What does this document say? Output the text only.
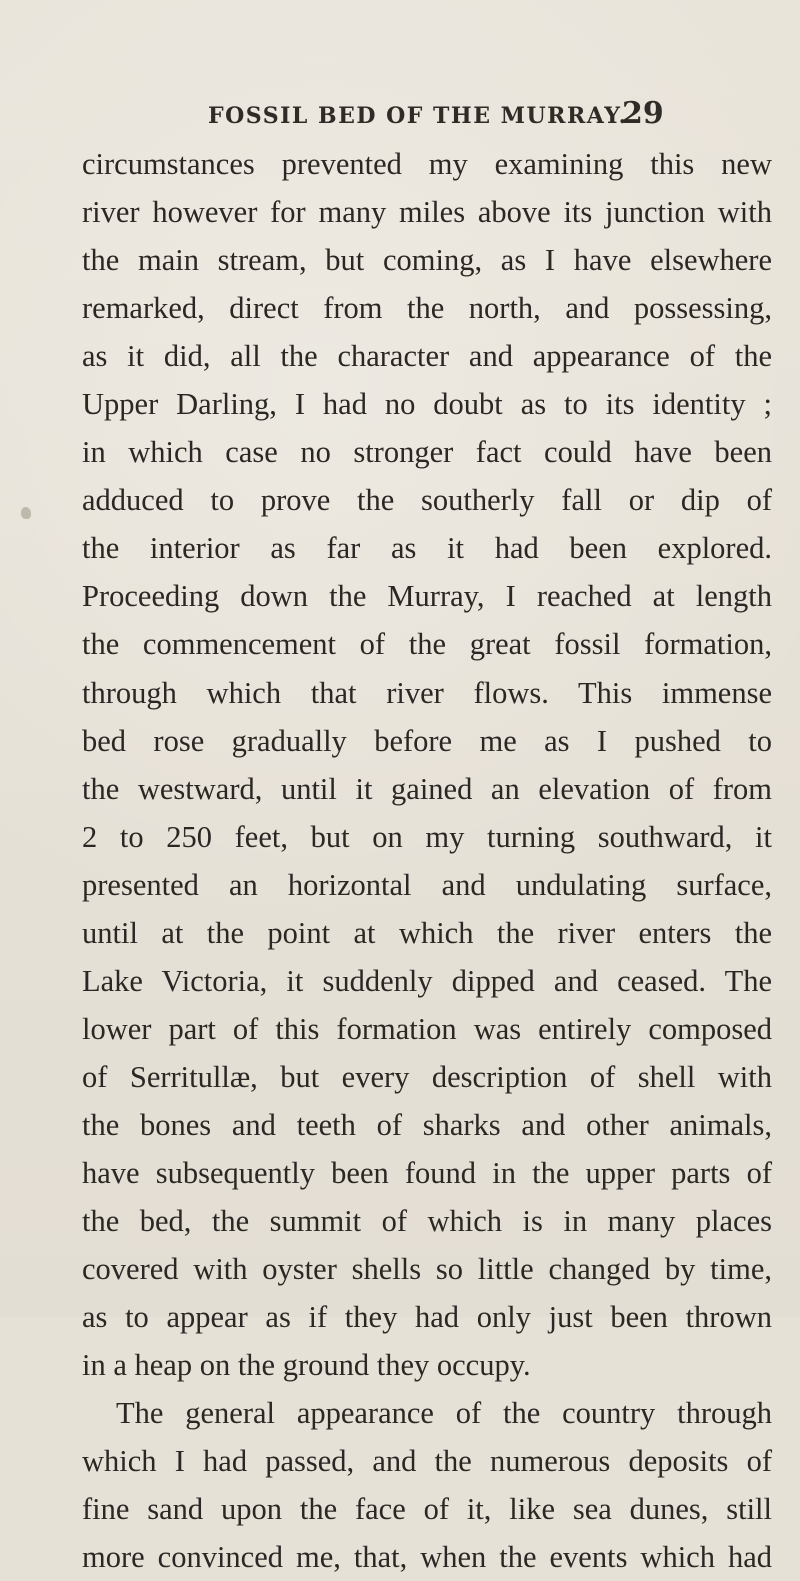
FOSSIL BED OF THE MURRAY.
29
circumstances prevented my examining this new
river however for many miles above its junction with
the main stream, but coming, as I have elsewhere
remarked, direct from the north, and possessing,
as it did, all the character and appearance of the
Upper Darling, I had no doubt as to its identity ;
in which case no stronger fact could have been
adduced to prove the southerly fall or dip of
the interior as far as it had been explored.
Proceeding down the Murray, I reached at length
the commencement of the great fossil formation,
through which that river flows. This immense
bed rose gradually before me as I pushed to
the westward, until it gained an elevation of from
2 to 250 feet, but on my turning southward, it
presented an horizontal and undulating surface,
until at the point at which the river enters the
Lake Victoria, it suddenly dipped and ceased. The
lower part of this formation was entirely composed
of Serritullæ, but every description of shell with
the bones and teeth of sharks and other animals,
have subsequently been found in the upper parts of
the bed, the summit of which is in many places
covered with oyster shells so little changed by time,
as to appear as if they had only just been thrown
in a heap on the ground they occupy.
The general appearance of the country through
which I had passed, and the numerous deposits of
fine sand upon the face of it, like sea dunes, still
more convinced me, that, when the events which had
